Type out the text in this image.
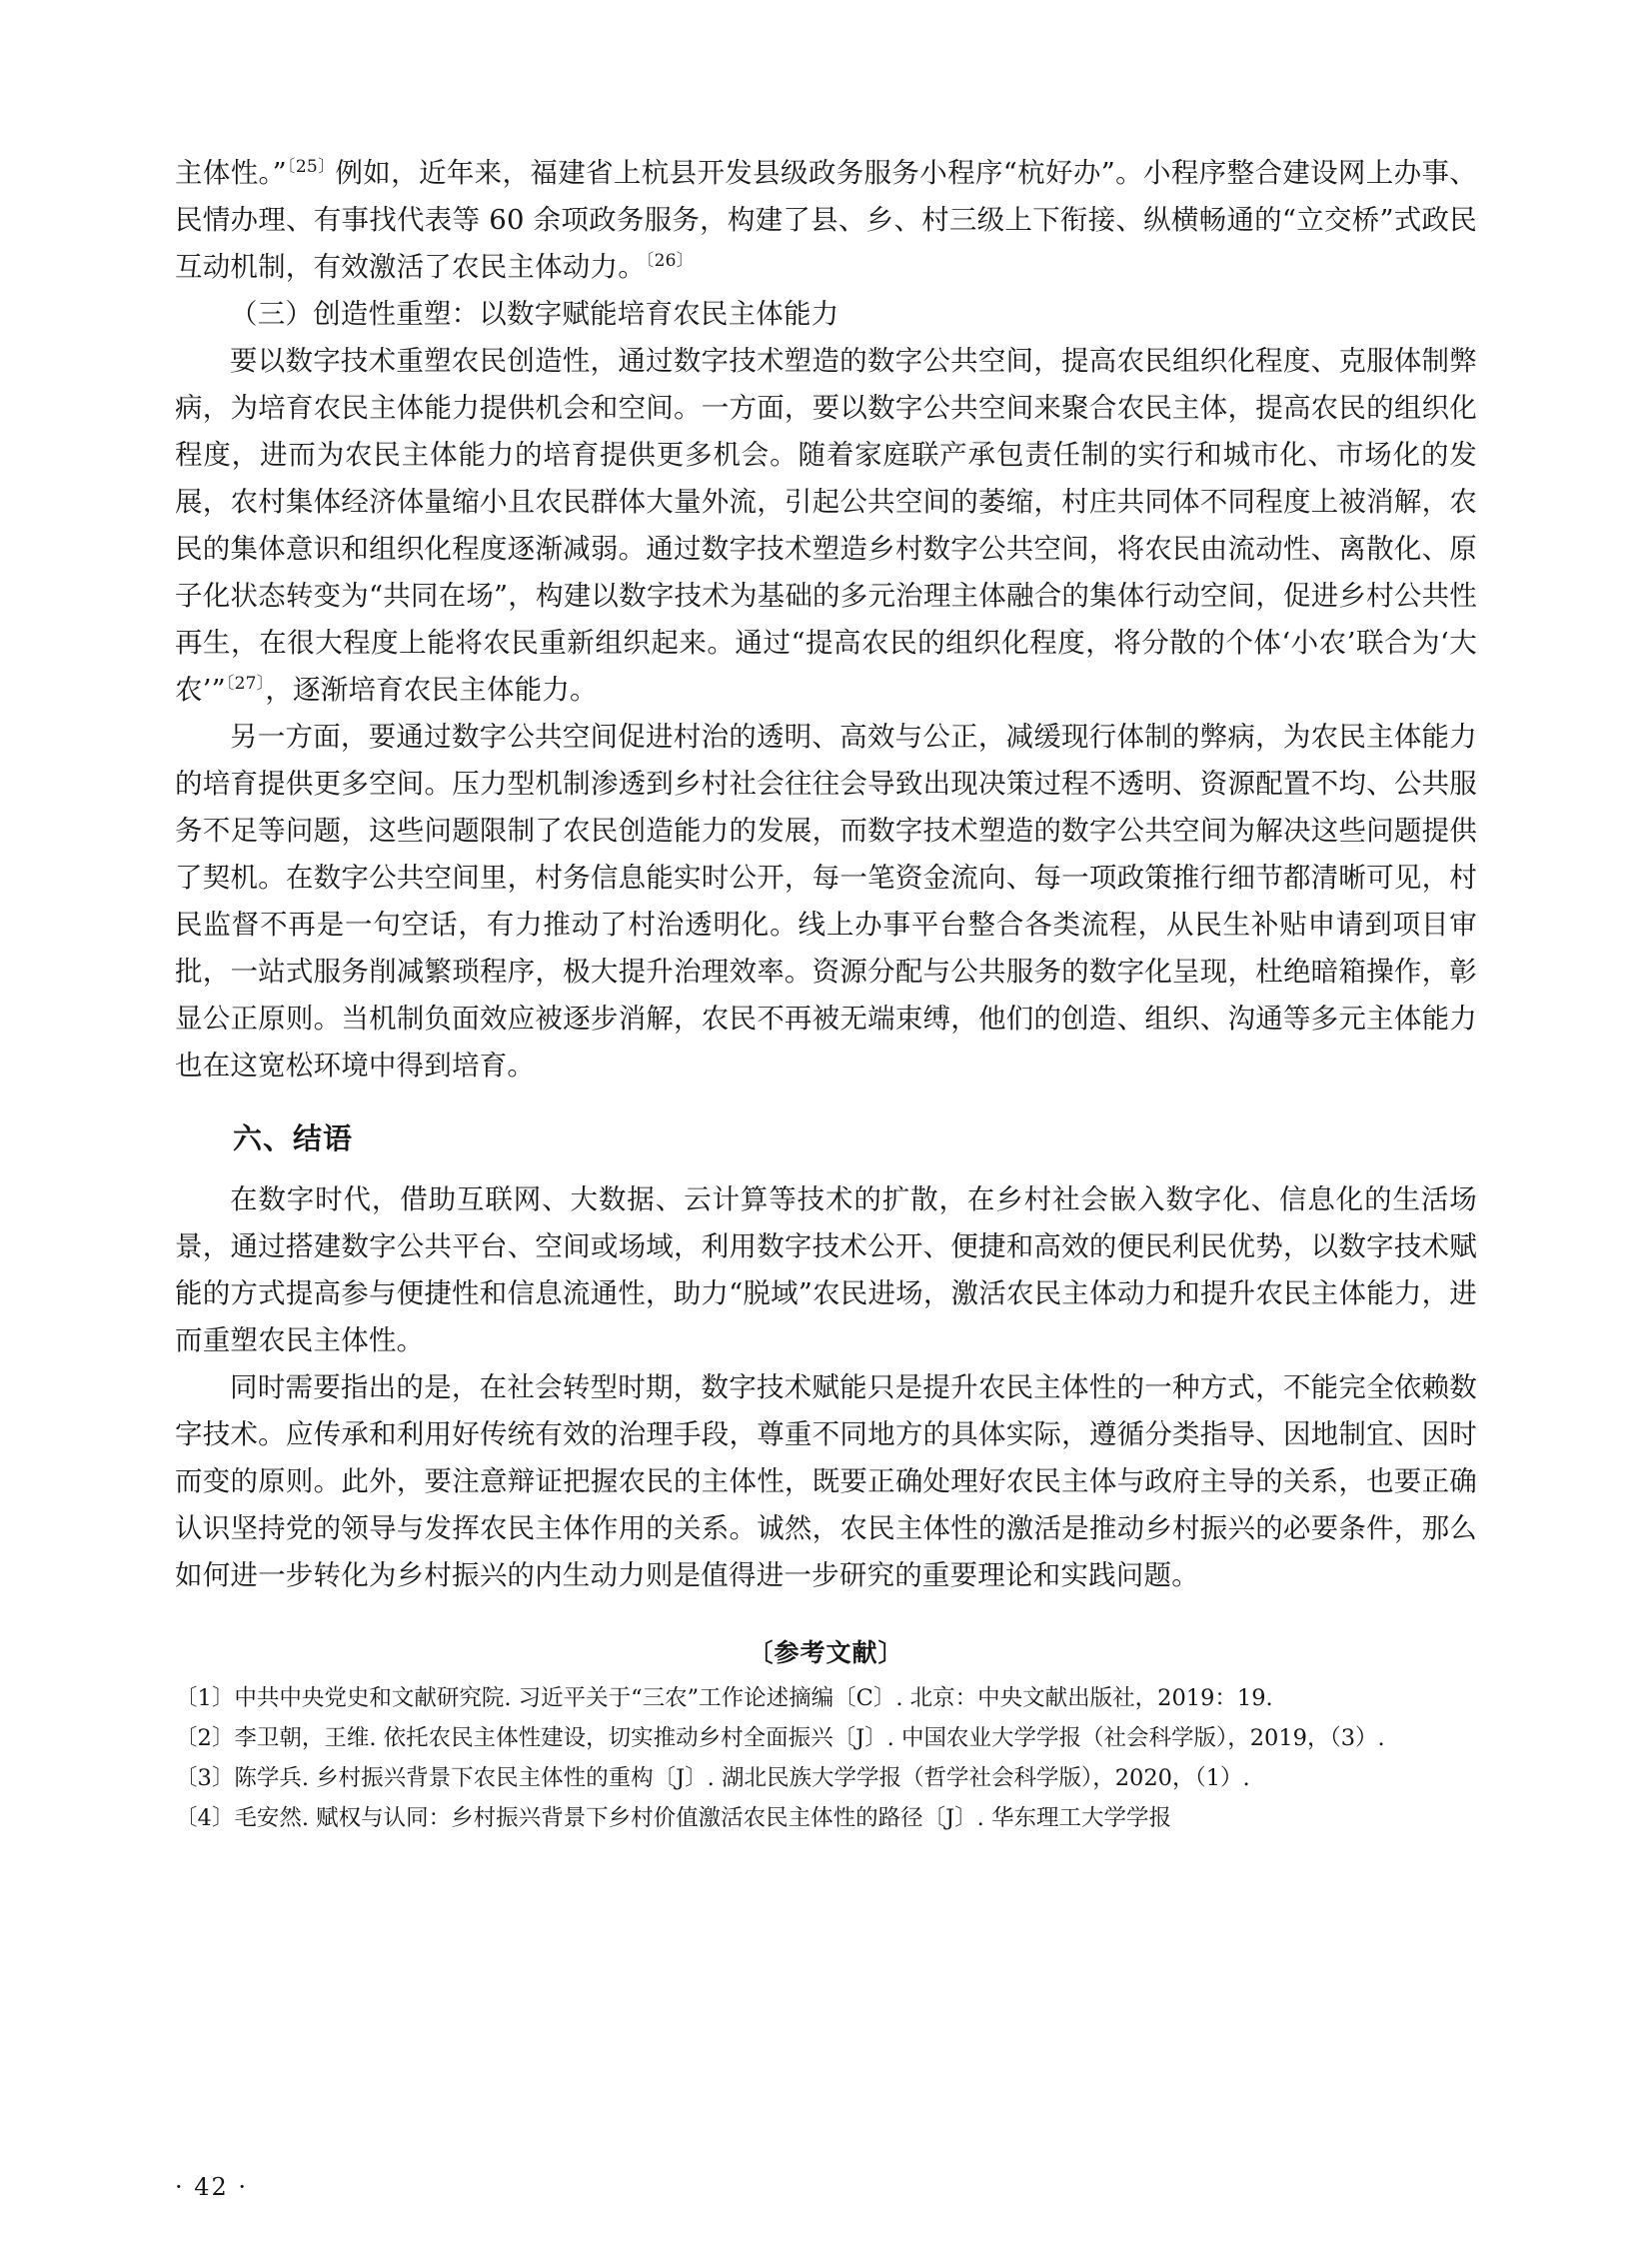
主体性。”$^{〔25〕}$例如，近年来，福建省上杭县开发县级政务服务小程序“杭好办”。小程序整合建设网上办事、民情办理、有事找代表等 60 余项政务服务，构建了县、乡、村三级上下衔接、纵横畅通的“立交桥”式政民互动机制，有效激活了农民主体动力。$^{〔26〕}$

（三）创造性重塑：以数字赋能培育农民主体能力

要以数字技术重塑农民创造性，通过数字技术塑造的数字公共空间，提高农民组织化程度、克服体制弊病，为培育农民主体能力提供机会和空间。一方面，要以数字公共空间来聚合农民主体，提高农民的组织化程度，进而为农民主体能力的培育提供更多机会。随着家庭联产承包责任制的实行和城市化、市场化的发展，农村集体经济体量缩小且农民群体大量外流，引起公共空间的萎缩，村庄共同体不同程度上被消解，农民的集体意识和组织化程度逐渐减弱。通过数字技术塑造乡村数字公共空间，将农民由流动性、离散化、原子化状态转变为“共同在场”，构建以数字技术为基础的多元治理主体融合的集体行动空间，促进乡村公共性再生，在很大程度上能将农民重新组织起来。通过“提高农民的组织化程度，将分散的个体‘小农’联合为‘大农’”$^{〔27〕}$，逐渐培育农民主体能力。

另一方面，要通过数字公共空间促进村治的透明、高效与公正，减缓现行体制的弊病，为农民主体能力的培育提供更多空间。压力型机制渗透到乡村社会往往会导致出现决策过程不透明、资源配置不均、公共服务不足等问题，这些问题限制了农民创造能力的发展，而数字技术塑造的数字公共空间为解决这些问题提供了契机。在数字公共空间里，村务信息能实时公开，每一笔资金流向、每一项政策推行细节都清晰可见，村民监督不再是一句空话，有力推动了村治透明化。线上办事平台整合各类流程，从民生补贴申请到项目审批，一站式服务削减繁琐程序，极大提升治理效率。资源分配与公共服务的数字化呈现，杜绝暗箱操作，彰显公正原则。当机制负面效应被逐步消解，农民不再被无端束缚，他们的创造、组织、沟通等多元主体能力也在这宽松环境中得到培育。

六、结语

在数字时代，借助互联网、大数据、云计算等技术的扩散，在乡村社会嵌入数字化、信息化的生活场景，通过搭建数字公共平台、空间或场域，利用数字技术公开、便捷和高效的便民利民优势，以数字技术赋能的方式提高参与便捷性和信息流通性，助力“脱域”农民进场，激活农民主体动力和提升农民主体能力，进而重塑农民主体性。

同时需要指出的是，在社会转型时期，数字技术赋能只是提升农民主体性的一种方式，不能完全依赖数字技术。应传承和利用好传统有效的治理手段，尊重不同地方的具体实际，遵循分类指导、因地制宜、因时而变的原则。此外，要注意辩证把握农民的主体性，既要正确处理好农民主体与政府主导的关系，也要正确认识坚持党的领导与发挥农民主体作用的关系。诚然，农民主体性的激活是推动乡村振兴的必要条件，那么如何进一步转化为乡村振兴的内生动力则是值得进一步研究的重要理论和实践问题。

〔参考文献〕

〔1〕中共中央党史和文献研究院. 习近平关于“三农”工作论述摘编〔C〕. 北京：中央文献出版社，2019：19.

〔2〕李卫朝，王维. 依托农民主体性建设，切实推动乡村全面振兴〔J〕. 中国农业大学学报（社会科学版），2019，（3）.

〔3〕陈学兵. 乡村振兴背景下农民主体性的重构〔J〕. 湖北民族大学学报（哲学社会科学版），2020，（1）.

〔4〕毛安然. 赋权与认同：乡村振兴背景下乡村价值激活农民主体性的路径〔J〕. 华东理工大学学报

· 42 ·
